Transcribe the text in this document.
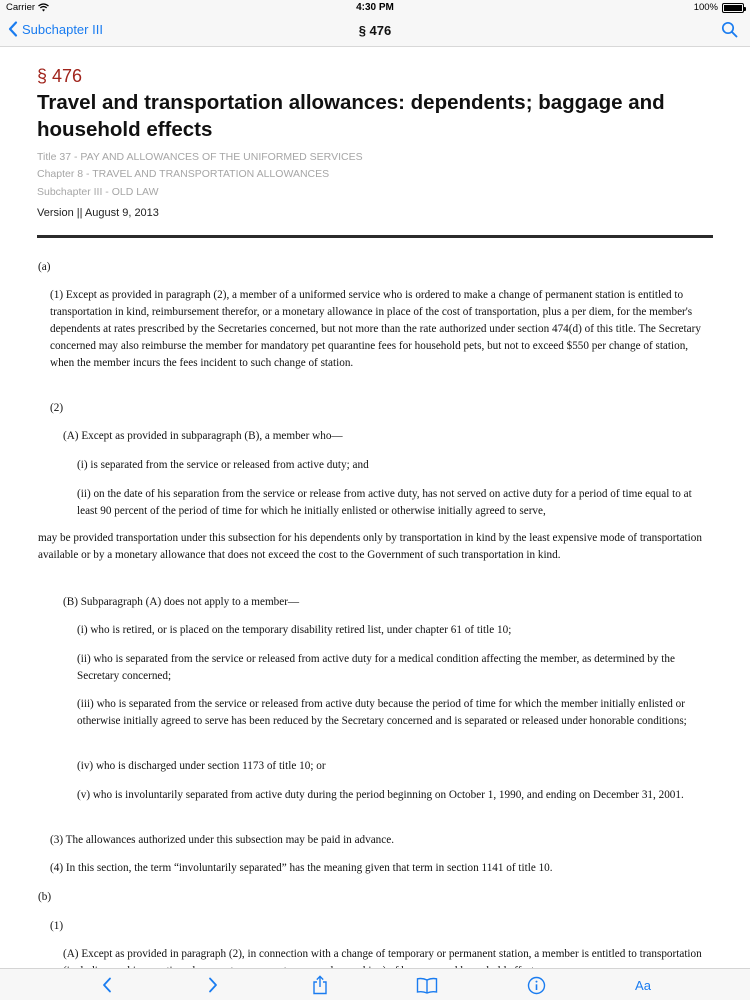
(a)
(1) Except as provided in paragraph (2), a member of a uniformed service who is ordered to make a change of permanent station is entitled to transportation in kind, reimbursement therefor, or a monetary allowance in place of the cost of transportation, plus a per diem, for the member's dependents at rates prescribed by the Secretaries concerned, but not more than the rate authorized under section 474(d) of this title. The Secretary concerned may also reimburse the member for mandatory pet quarantine fees for household pets, but not to exceed $550 per change of station, when the member incurs the fees incident to such change of station.
(2)
(A) Except as provided in subparagraph (B), a member who—
(i) is separated from the service or released from active duty; and
(ii) on the date of his separation from the service or release from active duty, has not served on active duty for a period of time equal to at least 90 percent of the period of time for which he initially enlisted or otherwise initially agreed to serve,
may be provided transportation under this subsection for his dependents only by transportation in kind by the least expensive mode of transportation available or by a monetary allowance that does not exceed the cost to the Government of such transportation in kind.
(B) Subparagraph (A) does not apply to a member—
(i) who is retired, or is placed on the temporary disability retired list, under chapter 61 of title 10;
(ii) who is separated from the service or released from active duty for a medical condition affecting the member, as determined by the Secretary concerned;
(iii) who is separated from the service or released from active duty because the period of time for which the member initially enlisted or otherwise initially agreed to serve has been reduced by the Secretary concerned and is separated or released under honorable conditions;
(iv) who is discharged under section 1173 of title 10; or
(v) who is involuntarily separated from active duty during the period beginning on October 1, 1990, and ending on December 31, 2001.
(3) The allowances authorized under this subsection may be paid in advance.
(4) In this section, the term “involuntarily separated” has the meaning given that term in section 1141 of title 10.
(b)
(1)
(A) Except as provided in paragraph (2), in connection with a change of temporary or permanent station, a member is entitled to transportation
Carrier	4:30 PM	100%
Subchapter III	§ 476
§ 476
Travel and transportation allowances: dependents; baggage and household effects
Title 37 - PAY AND ALLOWANCES OF THE UNIFORMED SERVICES
Chapter 8 - TRAVEL AND TRANSPORTATION ALLOWANCES
Subchapter III - OLD LAW
Version || August 9, 2013
Aa
